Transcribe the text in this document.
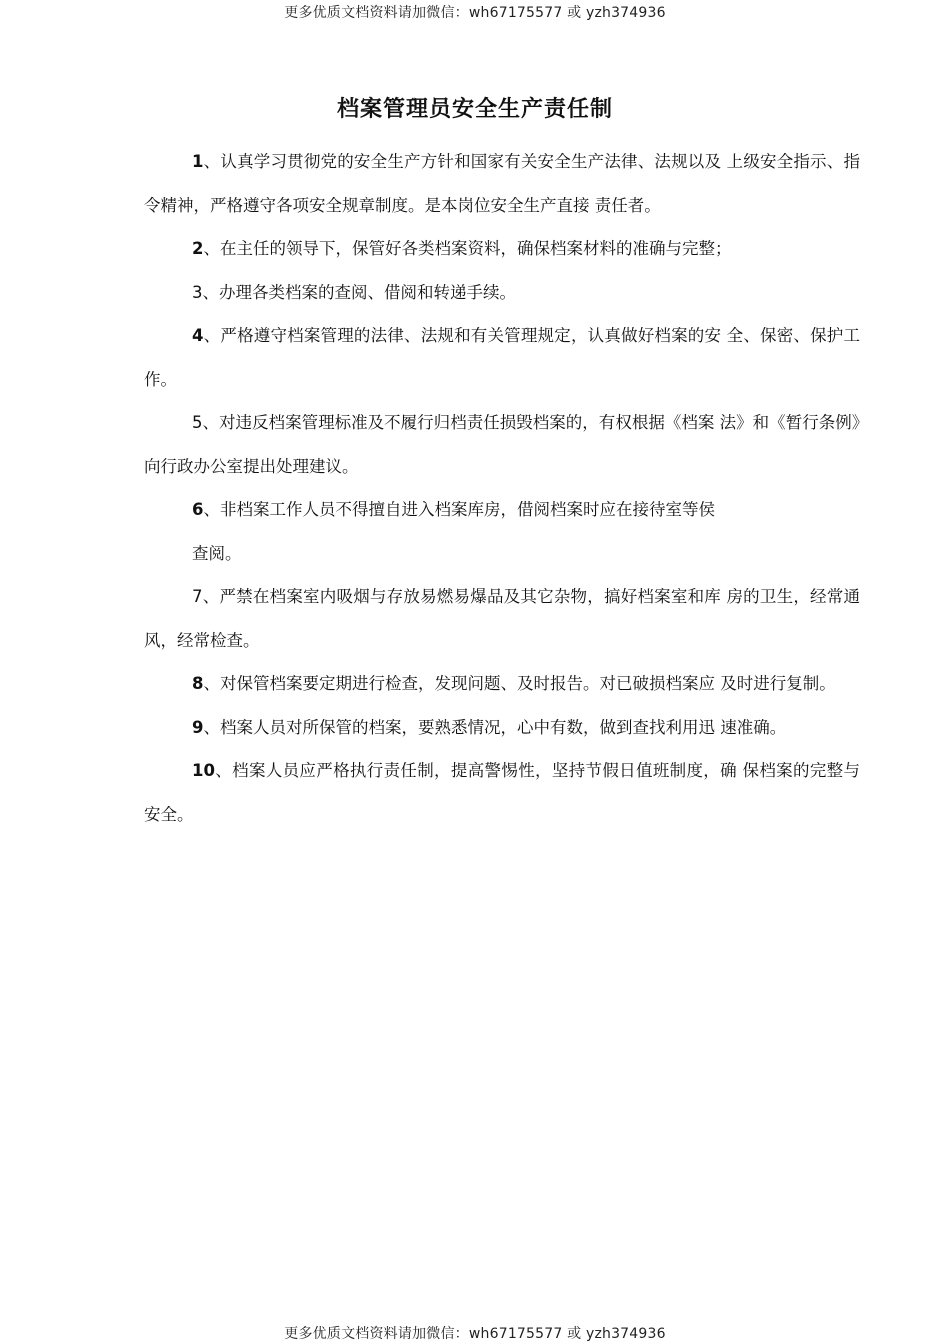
更多优质文档资料请加微信：wh67175577 或 yzh374936
档案管理员安全生产责任制

1、认真学习贯彻党的安全生产方针和国家有关安全生产法律、法规以及 上级安全指示、指令精神，严格遵守各项安全规章制度。是本岗位安全生产直接 责任者。

2、在主任的领导下，保管好各类档案资料，确保档案材料的准确与完整；

3、办理各类档案的查阅、借阅和转递手续。

4、严格遵守档案管理的法律、法规和有关管理规定，认真做好档案的安 全、保密、保护工作。

5、对违反档案管理标准及不履行归档责任损毁档案的，有权根据《档案 法》和《暂行条例》向行政办公室提出处理建议。

6、非档案工作人员不得擅自进入档案库房，借阅档案时应在接待室等侯
查阅。

7、严禁在档案室内吸烟与存放易燃易爆品及其它杂物，搞好档案室和库 房的卫生，经常通风，经常检查。

8、对保管档案要定期进行检查，发现问题、及时报告。对已破损档案应 及时进行复制。

9、档案人员对所保管的档案，要熟悉情况，心中有数，做到查找利用迅 速准确。

10、档案人员应严格执行责任制，提高警惕性，坚持节假日值班制度，确 保档案的完整与安全。

更多优质文档资料请加微信：wh67175577 或 yzh374936
